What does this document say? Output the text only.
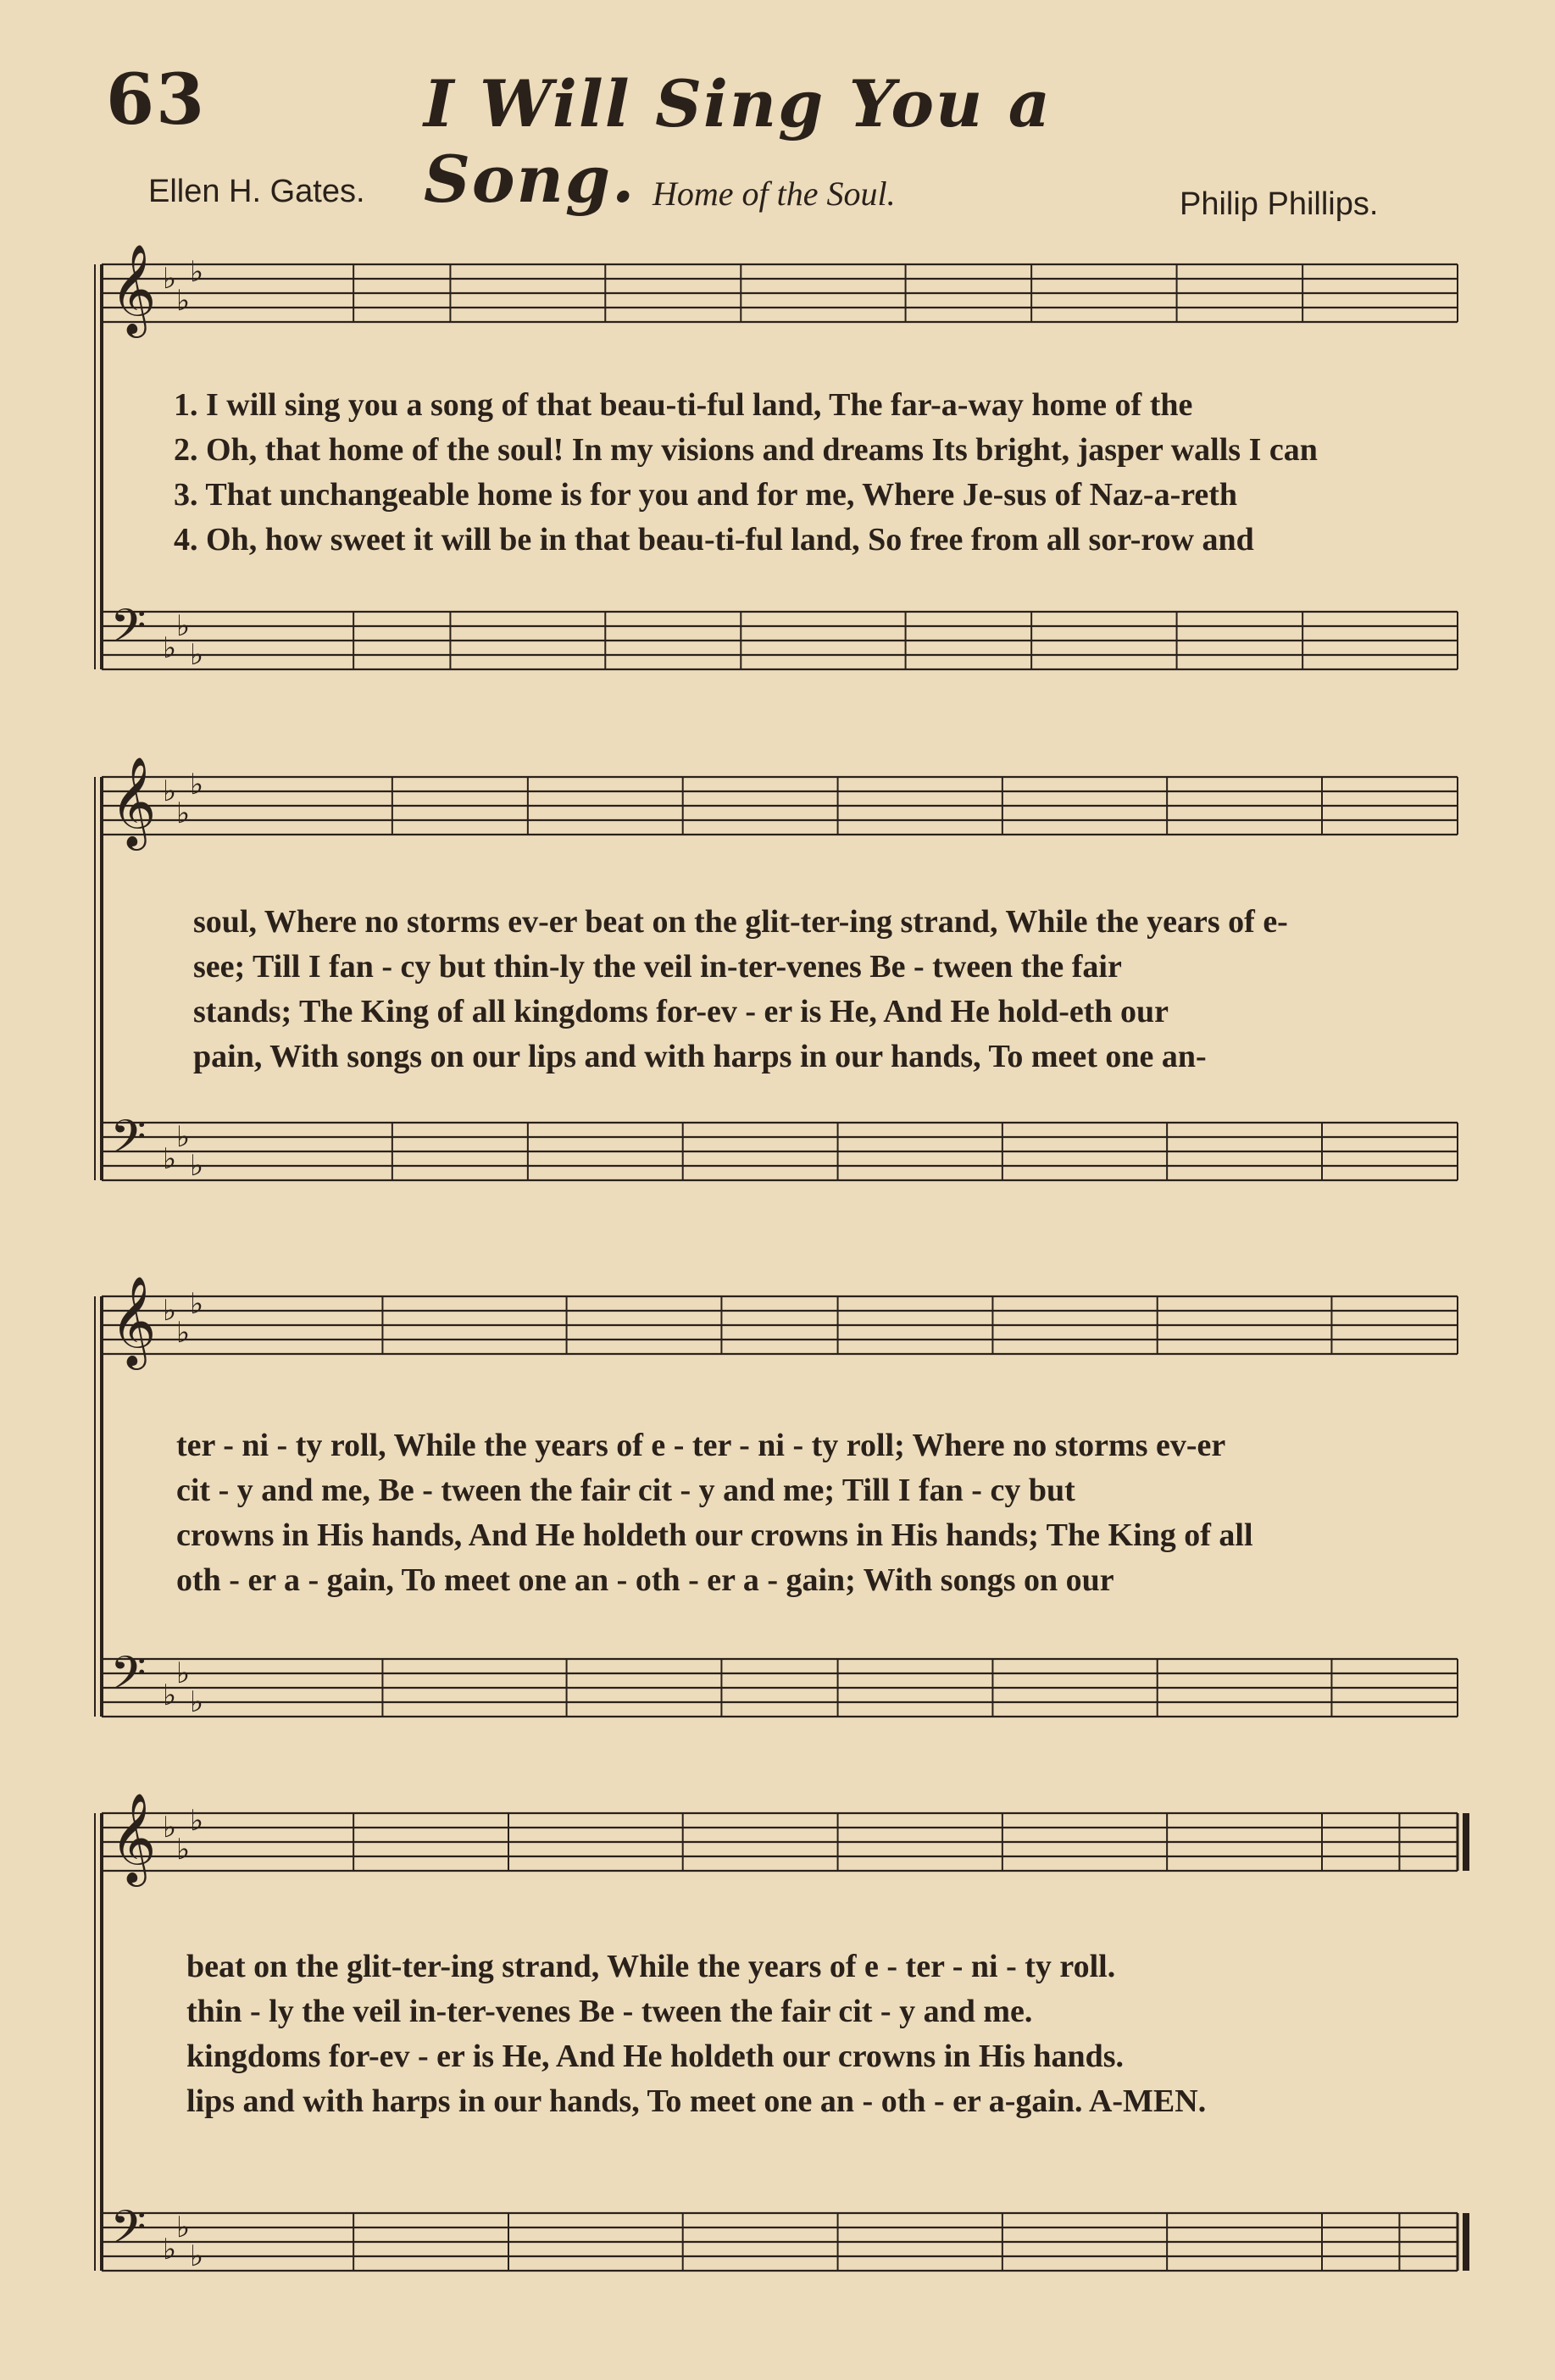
63	I Will Sing You a Song.
Ellen H. Gates.	Home of the Soul.	Philip Phillips.
𝄞 ♭
♭
♭
𝄢 ♭
♭
♭
1. I will sing you a song of that beau-ti-ful land, The far-a-way home of the
2. Oh, that home of the soul! In my visions and dreams Its bright, jasper walls I can
3. That unchangeable home is for you and for me, Where Je-sus of Naz-a-reth
4. Oh, how sweet it will be in that beau-ti-ful land, So free from all sor-row and
𝄞 ♭
♭
♭
𝄢 ♭
♭
♭
soul, Where no storms ev-er beat on the glit-ter-ing strand, While the years of e-
see; Till I fan - cy but thin-ly the veil in-ter-venes Be - tween the fair
stands; The King of all kingdoms for-ev - er is He, And He hold-eth our
pain, With songs on our lips and with harps in our hands, To meet one an-
𝄞 ♭
♭
♭
𝄢 ♭
♭
♭
ter - ni - ty roll, While the years of e - ter - ni - ty roll; Where no storms ev-er
cit - y and me, Be - tween the fair cit - y and me; Till I fan - cy but
crowns in His hands, And He holdeth our crowns in His hands; The King of all
oth - er a - gain, To meet one an - oth - er a - gain; With songs on our
𝄞 ♭
♭
♭
𝄢 ♭
♭
♭
beat on the glit-ter-ing strand, While the years of e - ter - ni - ty roll.
thin - ly the veil in-ter-venes Be - tween the fair cit - y and me.
kingdoms for-ev - er is He, And He holdeth our crowns in His hands.
lips and with harps in our hands, To meet one an - oth - er a-gain. A-MEN.
